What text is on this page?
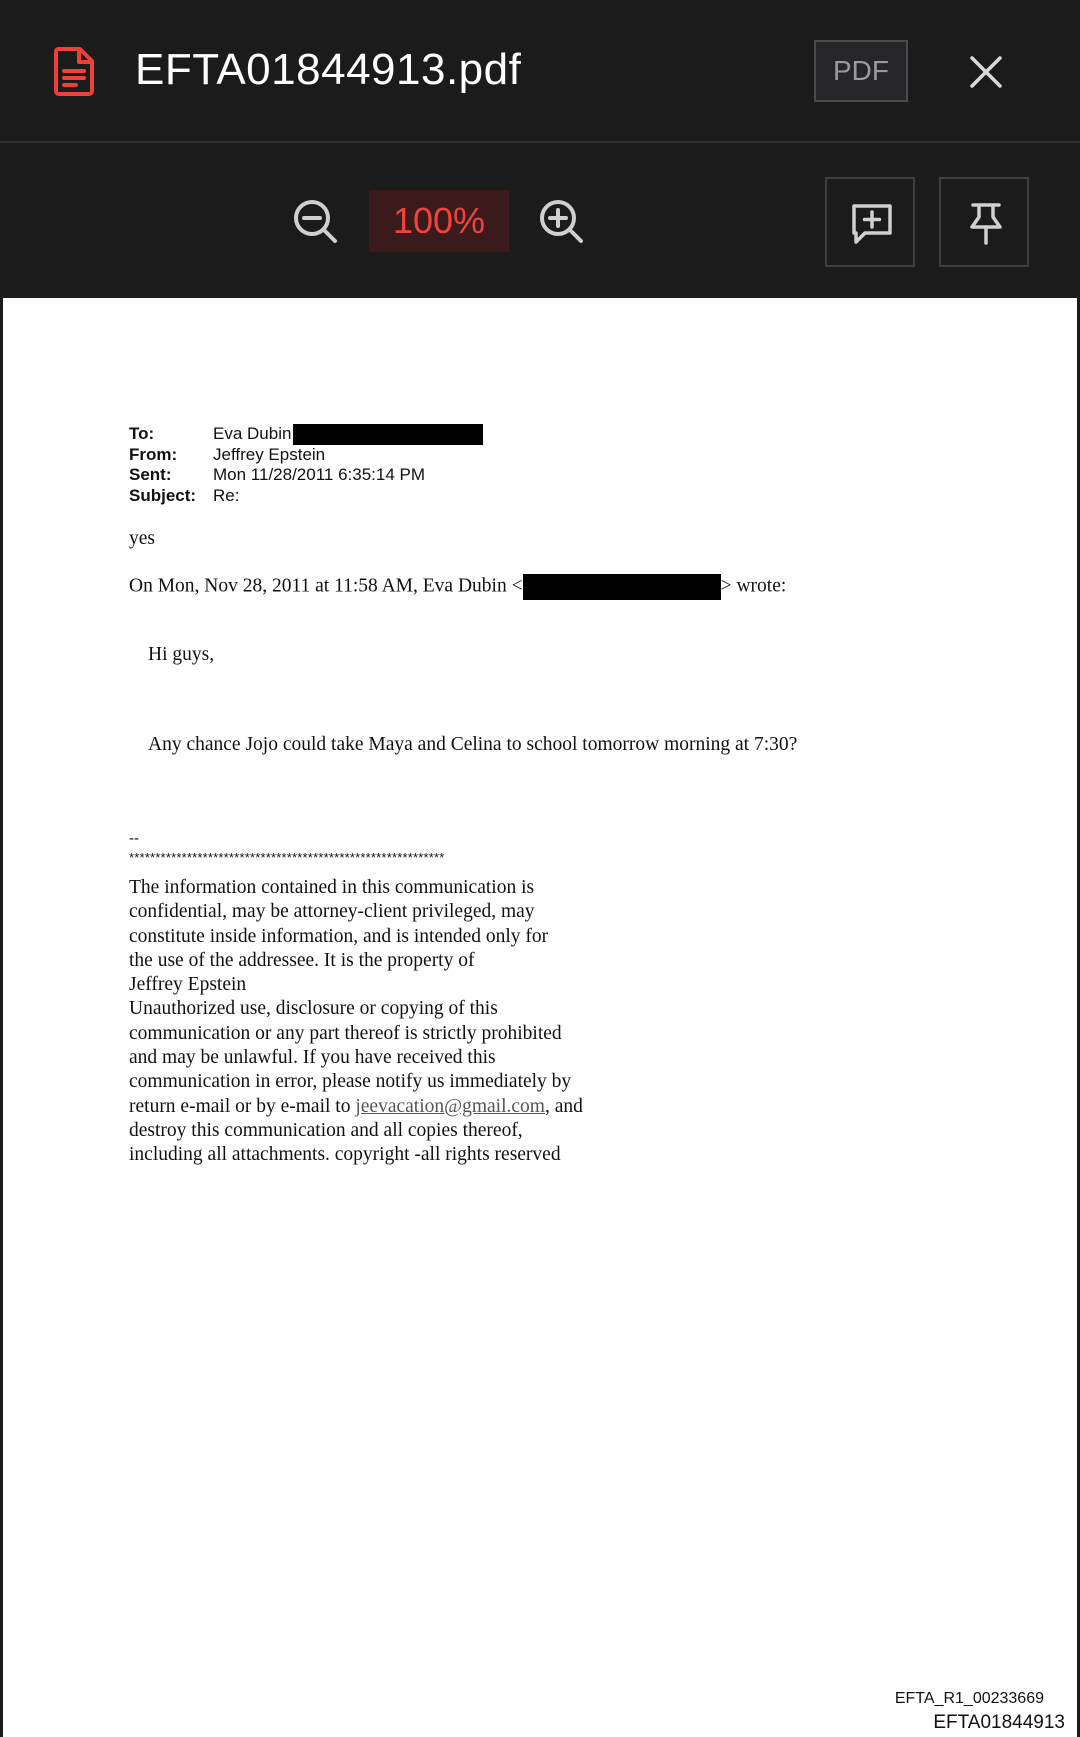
EFTA01844913.pdf	PDF
100%
To:	Eva Dubin
From: Jeffrey Epstein
Sent: Mon 11/28/2011 6:35:14 PM
Subject: Re:
yes
On Mon, Nov 28, 2011 at 11:58 AM, Eva Dubin <	> wrote:
Hi guys,
Any chance Jojo could take Maya and Celina to school tomorrow morning at 7:30?
--
************************************************************
The information contained in this communication is
confidential, may be attorney-client privileged, may
constitute inside information, and is intended only for
the use of the addressee. It is the property of
Jeffrey Epstein
Unauthorized use, disclosure or copying of this
communication or any part thereof is strictly prohibited
and may be unlawful. If you have received this
communication in error, please notify us immediately by
return e-mail or by e-mail to jeevacation@gmail.com, and
destroy this communication and all copies thereof,
including all attachments. copyright -all rights reserved
EFTA_R1_00233669
EFTA01844913
